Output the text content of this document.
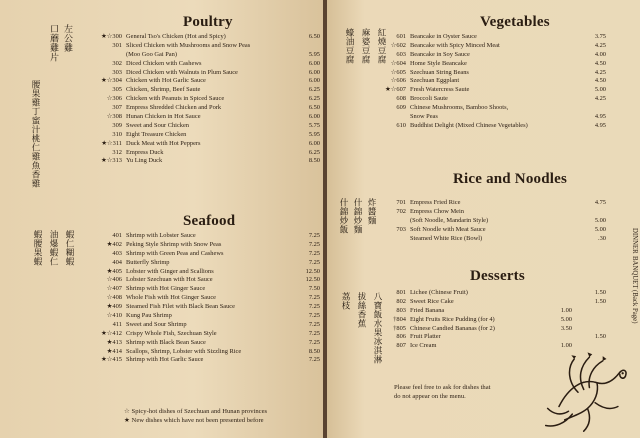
左公雞
口蘑雞片
腰果雞丁蜜汁桃仁雞魚香雞
蝦仁糊蝦
油爆蝦仁
蝦腰果蝦
蠔油豆腐 麻婆豆腐 紅燒豆腐
什錦炒飯 什錦炒麵 炸醬麵
荔枝 拔絲香蕉 八寶飯水果冰淇淋
Poultry
★☆300 General Tso's Chicken (Hot and Spicy)	6.50
301 Sliced Chicken with Mushrooms and Snow Peas
(Moo Goo Gai Pan)	5.95
302 Diced Chicken with Cashews	6.00
303 Diced Chicken with Walnuts in Plum Sauce	6.00
★☆304 Chicken with Hot Garlic Sauce	6.00
305 Chicken, Shrimp, Beef Saute	6.25
☆306 Chicken with Peanuts in Spiced Sauce	6.25
307 Empress Shredded Chicken and Pork	6.50
☆308 Hunan Chicken in Hot Sauce	6.00
309 Sweet and Sour Chicken	5.75
310 Eight Treasure Chicken	5.95
★☆311 Duck Meat with Hot Peppers	6.00
312 Empress Duck	6.25
★☆313 Yu Ling Duck	8.50
Seafood
401 Shrimp with Lobster Sauce	7.25
★402 Peking Style Shrimp with Snow Peas	7.25
403 Shrimp with Green Peas and Cashews	7.25
404 Butterfly Shrimp	7.25
★405 Lobster with Ginger and Scallions	12.50
☆406 Lobster Szechuan with Hot Sauce	12.50
☆407 Shrimp with Hot Ginger Sauce	7.50
☆408 Whole Fish with Hot Ginger Sauce	7.25
★409 Steamed Fish Filet with Black Bean Sauce	7.25
☆410 Kung Pau Shrimp	7.25
411 Sweet and Sour Shrimp	7.25
★☆412 Crispy Whole Fish, Szechuan Style	7.25
★413 Shrimp with Black Bean Sauce	7.25
★414 Scallops, Shrimp, Lobster with Sizzling Rice	8.50
★☆415 Shrimp with Hot Garlic Sauce	7.25
☆ Spicy-hot dishes of Szechuan and Hunan provinces
★ New dishes which have not been presented before
Vegetables
601 Beancake in Oyster Sauce	3.75
☆602 Beancake with Spicy Minced Meat	4.25
603 Beancake in Soy Sauce	4.00
☆604 Home Style Beancake	4.50
☆605 Szechuan String Beans	4.25
☆606 Szechuan Eggplant	4.50
★☆607 Fresh Watercress Saute	5.00
608 Broccoli Saute	4.25
609 Chinese Mushrooms, Bamboo Shoots,
Snow Peas	4.95
610 Buddhist Delight (Mixed Chinese Vegetables)	4.95
Rice and Noodles
701 Empress Fried Rice	4.75
702 Empress Chow Mein
(Soft Noodle, Mandarin Style)	5.00
703 Soft Noodle with Meat Sauce	5.00
Steamed White Rice (Bowl)	.30
Desserts
801 Lichee (Chinese Fruit)	1.50
802 Sweet Rice Cake	1.50
803 Fried Banana	1.00
†804 Eight Fruits Rice Pudding (for 4)	5.00
†805 Chinese Candied Bananas (for 2)	3.50
806 Fruit Platter	1.50
807 Ice Cream	1.00
Please feel free to ask for dishes that
do not appear on the menu.
DINNER
BANQUET (Back Page)
